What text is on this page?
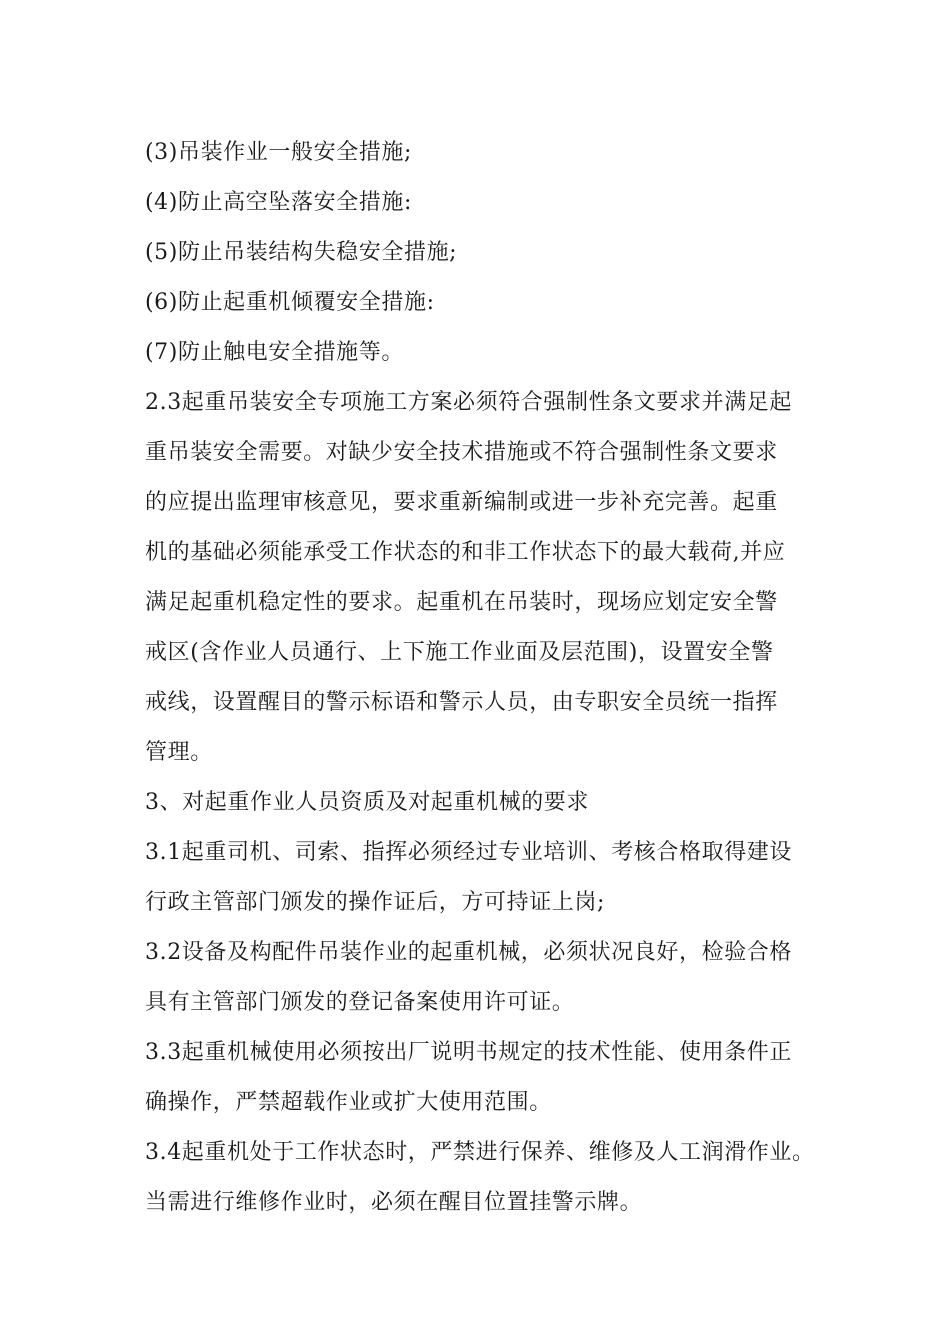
(3)吊装作业一般安全措施;
(4)防止高空坠落安全措施:
(5)防止吊装结构失稳安全措施;
(6)防止起重机倾覆安全措施:
(7)防止触电安全措施等。
2.3起重吊装安全专项施工方案必须符合强制性条文要求并满足起
重吊装安全需要。对缺少安全技术措施或不符合强制性条文要求
的应提出监理审核意见，要求重新编制或进一步补充完善。起重
机的基础必须能承受工作状态的和非工作状态下的最大载荷,并应
满足起重机稳定性的要求。起重机在吊装时，现场应划定安全警
戒区(含作业人员通行、上下施工作业面及层范围)，设置安全警
戒线，设置醒目的警示标语和警示人员，由专职安全员统一指挥
管理。
3、对起重作业人员资质及对起重机械的要求
3.1起重司机、司索、指挥必须经过专业培训、考核合格取得建设
行政主管部门颁发的操作证后，方可持证上岗;
3.2设备及构配件吊装作业的起重机械，必须状况良好，检验合格
具有主管部门颁发的登记备案使用许可证。
3.3起重机械使用必须按出厂说明书规定的技术性能、使用条件正
确操作，严禁超载作业或扩大使用范围。
3.4起重机处于工作状态时，严禁进行保养、维修及人工润滑作业。
当需进行维修作业时，必须在醒目位置挂警示牌。
